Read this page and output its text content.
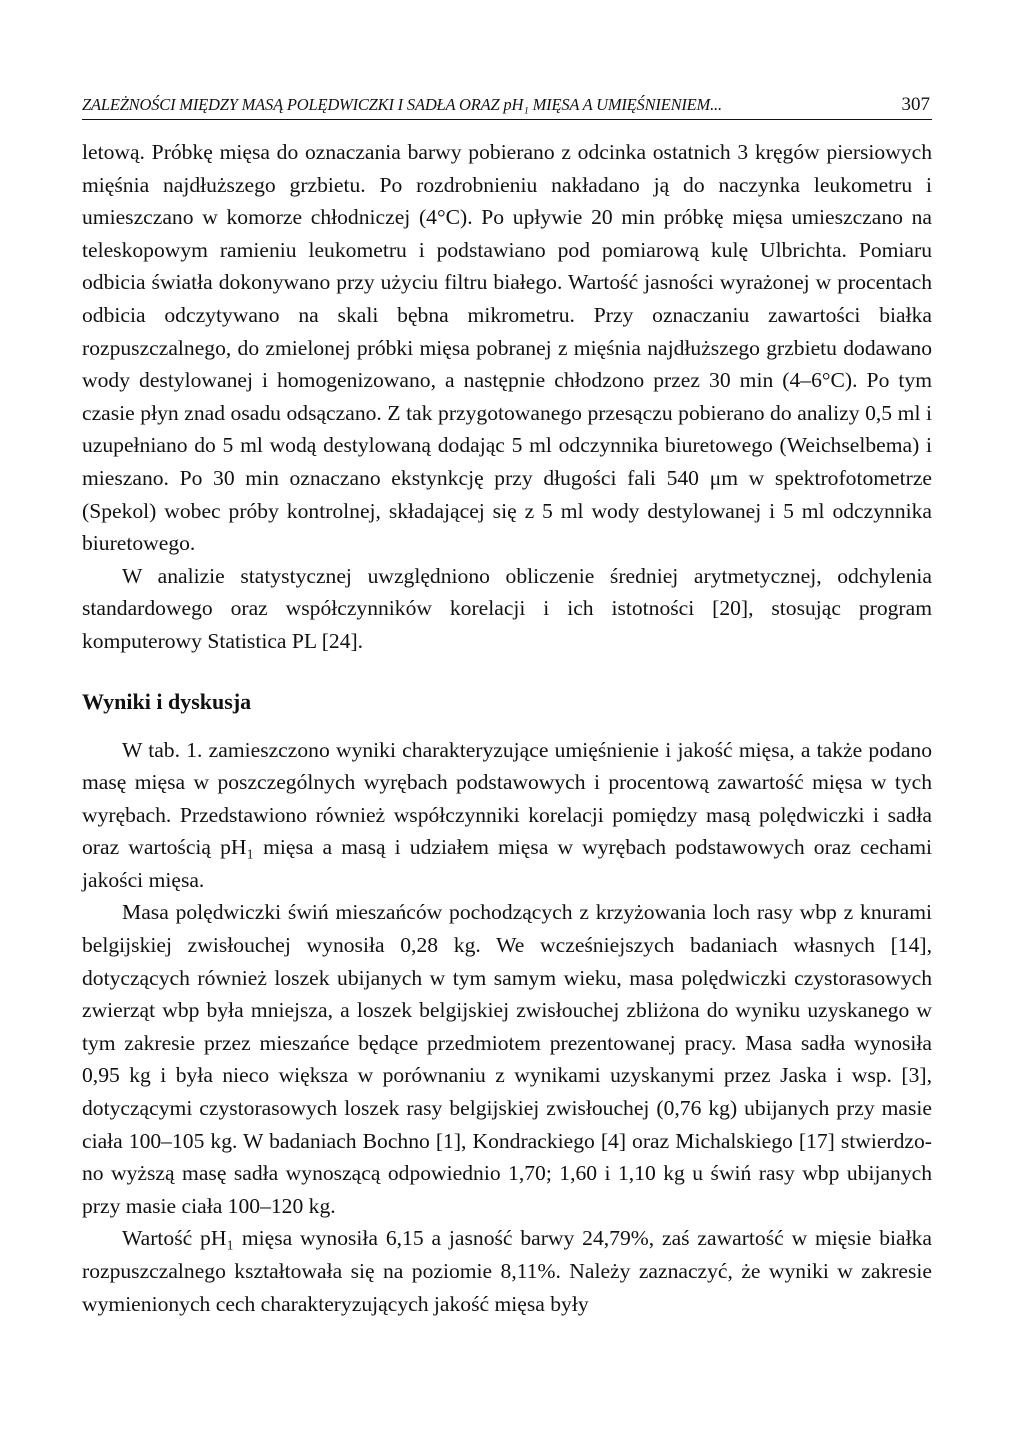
ZALEŻNOŚCI MIĘDZY MASĄ POLĘDWICZKI I SADŁA ORAZ pH₁ MIĘSA A UMIĘŚNIENIEM...	307

letową. Próbkę mięsa do oznaczania barwy pobierano z odcinka ostatnich 3 kręgów piersiowych mięśnia najdłuższego grzbietu. Po rozdrobnieniu nakładano ją do naczynka leukometru i umieszczano w komorze chłodniczej (4°C). Po upływie 20 min próbkę mięsa umieszczano na teleskopowym ramieniu leukometru i podstawiano pod pomiarową kulę Ulbrichta. Pomiaru odbicia światła dokonywano przy użyciu filtru białego. Wartość jasności wyrażonej w procentach odbicia odczytywano na skali bębna mikrometru. Przy oznaczaniu zawartości białka rozpuszczalnego, do zmielonej próbki mięsa pobranej z mięśnia najdłuższego grzbietu dodawano wody destylowanej i homogenizowano, a następnie chłodzono przez 30 min (4–6°C). Po tym czasie płyn znad osadu odsączano. Z tak przygotowanego przesączu pobierano do analizy 0,5 ml i uzupełniano do 5 ml wodą destylowaną dodając 5 ml odczynnika biuretowego (Weichselbema) i mieszano. Po 30 min oznaczano ekstynkcję przy długości fali 540 μm w spektrofotometrze (Spekol) wobec próby kontrolnej, składającej się z 5 ml wody destylowanej i 5 ml odczynnika biuretowego.

W analizie statystycznej uwzględniono obliczenie średniej arytmetycznej, odchylenia standardowego oraz współczynników korelacji i ich istotności [20], stosując program komputerowy Statistica PL [24].

Wyniki i dyskusja

W tab. 1. zamieszczono wyniki charakteryzujące umięśnienie i jakość mięsa, a także podano masę mięsa w poszczególnych wyrębach podstawowych i procentową zawartość mięsa w tych wyrębach. Przedstawiono również współczynniki korelacji pomiędzy masą polędwiczki i sadła oraz wartością pH₁ mięsa a masą i udziałem mięsa w wyrębach podstawowych oraz cechami jakości mięsa.

Masa polędwiczki świń mieszańców pochodzących z krzyżowania loch rasy wbp z knurami belgijskiej zwisłouchej wynosiła 0,28 kg. We wcześniejszych badaniach własnych [14], dotyczących również loszek ubijanych w tym samym wieku, masa polędwiczki czystorasowych zwierząt wbp była mniejsza, a loszek belgijskiej zwisłouchej zbliżona do wyniku uzyskanego w tym zakresie przez mieszańce będące przedmiotem prezentowanej pracy. Masa sadła wynosiła 0,95 kg i była nieco większa w porównaniu z wynikami uzyskanymi przez Jaska i wsp. [3], dotyczącymi czystorasowych loszek rasy belgijskiej zwisłouchej (0,76 kg) ubijanych przy masie ciała 100–105 kg. W badaniach Bochno [1], Kondrackiego [4] oraz Michalskiego [17] stwierdzono wyższą masę sadła wynoszącą odpowiednio 1,70; 1,60 i 1,10 kg u świń rasy wbp ubijanych przy masie ciała 100–120 kg.

Wartość pH₁ mięsa wynosiła 6,15 a jasność barwy 24,79%, zaś zawartość w mięsie białka rozpuszczalnego kształtowała się na poziomie 8,11%. Należy zaznaczyć, że wyniki w zakresie wymienionych cech charakteryzujących jakość mięsa były
